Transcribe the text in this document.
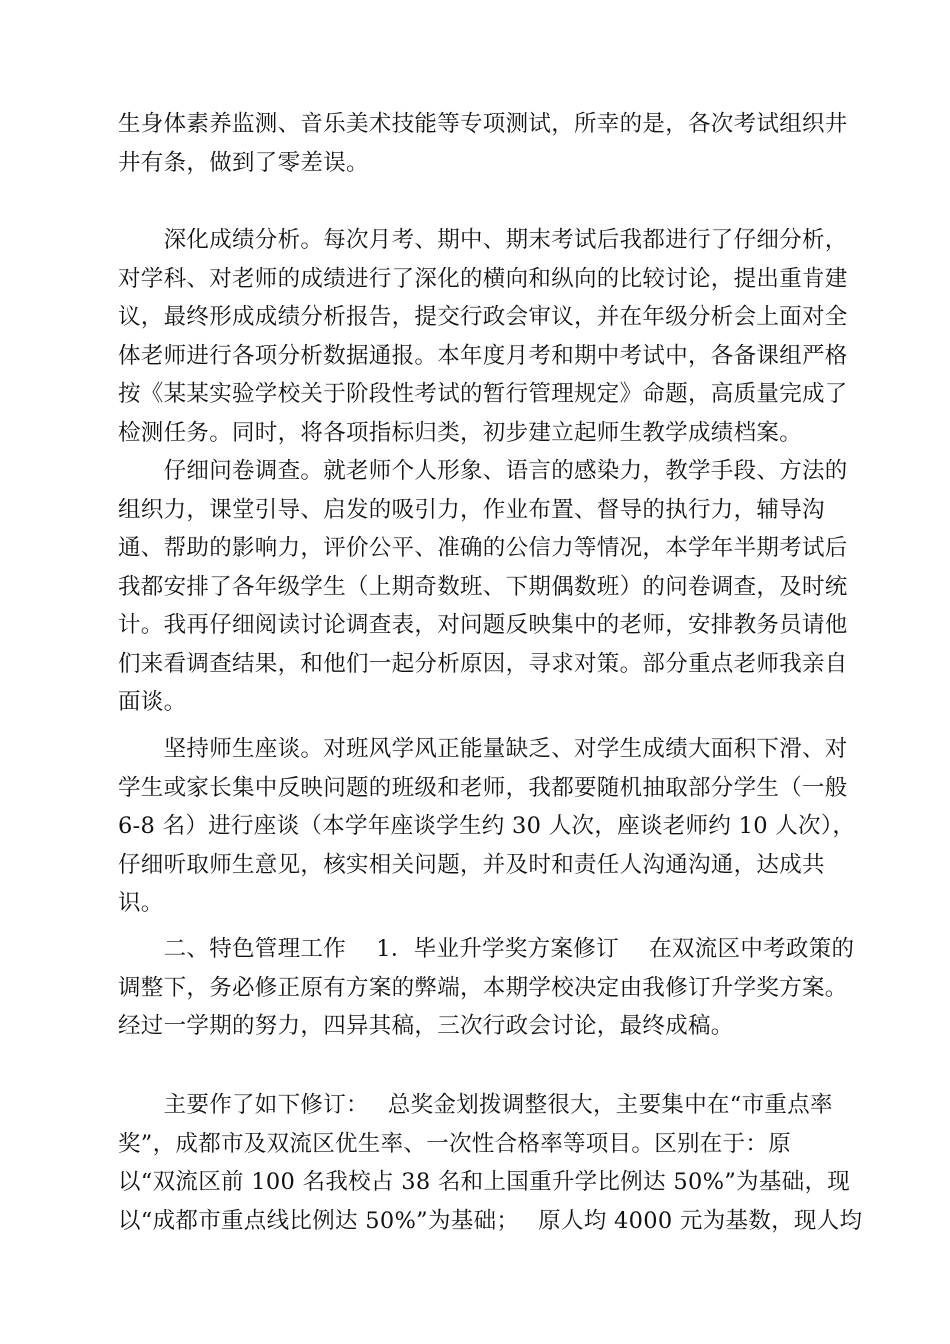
生身体素养监测、音乐美术技能等专项测试，所幸的是，各次考试组织井
井有条，做到了零差误。
　　深化成绩分析。每次月考、期中、期末考试后我都进行了仔细分析，
对学科、对老师的成绩进行了深化的横向和纵向的比较讨论，提出重肯建
议，最终形成成绩分析报告，提交行政会审议，并在年级分析会上面对全
体老师进行各项分析数据通报。本年度月考和期中考试中，各备课组严格
按《某某实验学校关于阶段性考试的暂行管理规定》命题，高质量完成了
检测任务。同时，将各项指标归类，初步建立起师生教学成绩档案。
　　仔细问卷调查。就老师个人形象、语言的感染力，教学手段、方法的
组织力，课堂引导、启发的吸引力，作业布置、督导的执行力，辅导沟
通、帮助的影响力，评价公平、准确的公信力等情况，本学年半期考试后
我都安排了各年级学生（上期奇数班、下期偶数班）的问卷调查，及时统
计。我再仔细阅读讨论调查表，对问题反映集中的老师，安排教务员请他
们来看调查结果，和他们一起分析原因，寻求对策。部分重点老师我亲自
面谈。
　　坚持师生座谈。对班风学风正能量缺乏、对学生成绩大面积下滑、对
学生或家长集中反映问题的班级和老师，我都要随机抽取部分学生（一般
6-8 名）进行座谈（本学年座谈学生约 30 人次，座谈老师约 10 人次），
仔细听取师生意见，核实相关问题，并及时和责任人沟通沟通，达成共
识。
　　二、特色管理工作　 1．毕业升学奖方案修订　 在双流区中考政策的
调整下，务必修正原有方案的弊端，本期学校决定由我修订升学奖方案。
经过一学期的努力，四异其稿，三次行政会讨论，最终成稿。
　　主要作了如下修订：　 总奖金划拨调整很大，主要集中在“市重点率
奖”，成都市及双流区优生率、一次性合格率等项目。区别在于：原
以“双流区前 100 名我校占 38 名和上国重升学比例达 50%”为基础，现
以“成都市重点线比例达 50%”为基础；　 原人均 4000 元为基数，现人均
